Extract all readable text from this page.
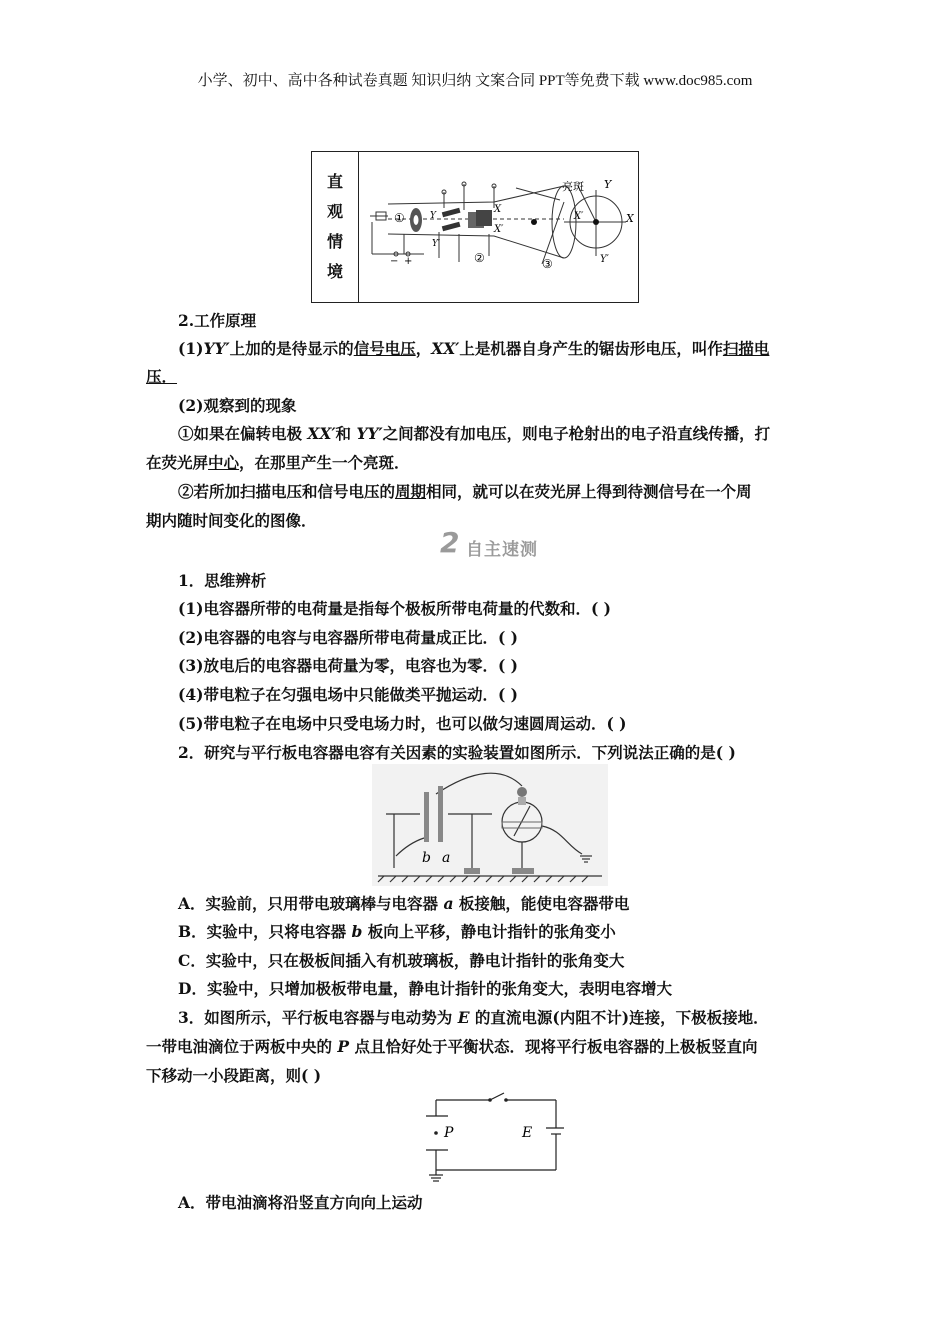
小学、初中、高中各种试卷真题 知识归纳 文案合同 PPT等免费下载 www.doc985.com
直
观
情
境
亮斑 Y
X
X′
Y′
X
X′
Y
Y′
①
②	③
− +
2.工作原理
(1)YY′上加的是待显示的信号电压，XX′上是机器自身产生的锯齿形电压，叫作扫描电
压．
(2)观察到的现象
①如果在偏转电极 XX′和 YY′之间都没有加电压，则电子枪射出的电子沿直线传播，打
在荧光屏中心，在那里产生一个亮斑．
②若所加扫描电压和信号电压的周期相同，就可以在荧光屏上得到待测信号在一个周
期内随时间变化的图像．
2 自主速测
1．思维辨析
(1)电容器所带的电荷量是指每个极板所带电荷量的代数和．( )
(2)电容器的电容与电容器所带电荷量成正比．( )
(3)放电后的电容器电荷量为零，电容也为零．( )
(4)带电粒子在匀强电场中只能做类平抛运动．( )
(5)带电粒子在电场中只受电场力时，也可以做匀速圆周运动．( )
2．研究与平行板电容器电容有关因素的实验装置如图所示．下列说法正确的是( )
b a
A．实验前，只用带电玻璃棒与电容器 a 板接触，能使电容器带电
B．实验中，只将电容器 b 板向上平移，静电计指针的张角变小
C．实验中，只在极板间插入有机玻璃板，静电计指针的张角变大
D．实验中，只增加极板带电量，静电计指针的张角变大，表明电容增大
3．如图所示，平行板电容器与电动势为 E 的直流电源(内阻不计)连接，下极板接地．
一带电油滴位于两板中央的 P 点且恰好处于平衡状态．现将平行板电容器的上极板竖直向
下移动一小段距离，则( )
P	E
A．带电油滴将沿竖直方向向上运动
